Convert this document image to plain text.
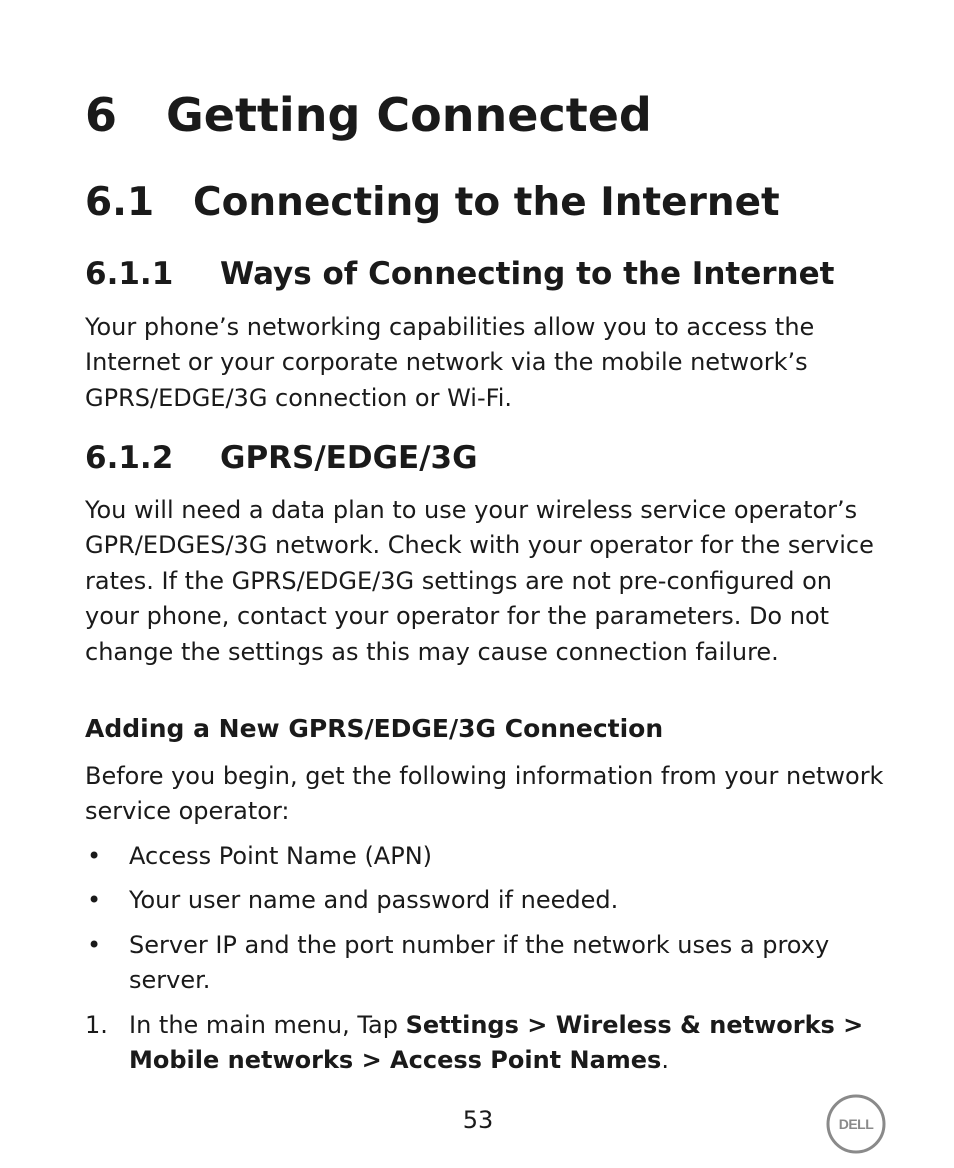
6 Getting Connected
6.1 Connecting to the Internet
6.1.1 Ways of Connecting to the Internet

Your phone’s networking capabilities allow you to access the Internet or your corporate network via the mobile network’s GPRS/EDGE/3G connection or Wi-Fi.

6.1.2 GPRS/EDGE/3G

You will need a data plan to use your wireless service operator’s GPR/EDGES/3G network. Check with your operator for the service rates. If the GPRS/EDGE/3G settings are not pre-configured on your phone, contact your operator for the parameters. Do not change the settings as this may cause connection failure.

Adding a New GPRS/EDGE/3G Connection

Before you begin, get the following information from your network service operator:

• Access Point Name (APN)
• Your user name and password if needed.
• Server IP and the port number if the network uses a proxy server.
1. In the main menu, Tap Settings > Wireless & networks > Mobile networks > Access Point Names.
53	DELL
